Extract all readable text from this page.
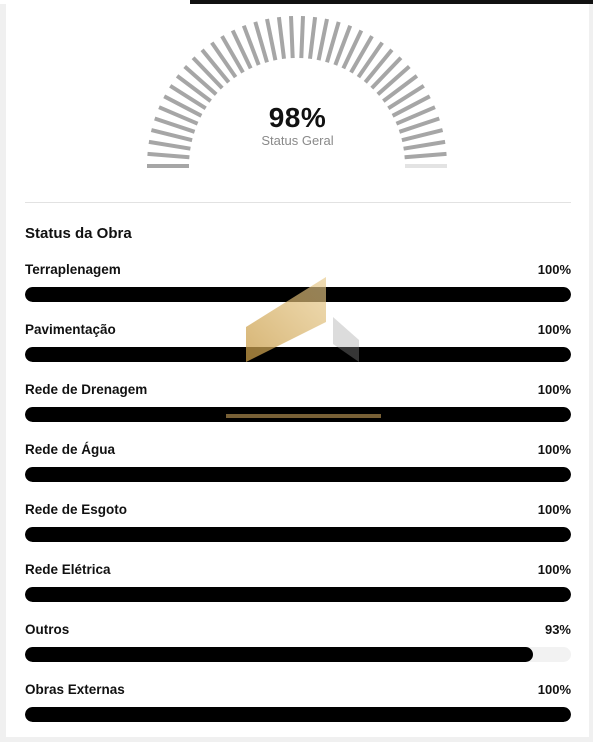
98%
Status Geral
Status da Obra
Terraplenagem	100%
Pavimentação	100%
Rede de Drenagem	100%
Rede de Água	100%
Rede de Esgoto	100%
Rede Elétrica	100%
Outros	93%
Obras Externas	100%
